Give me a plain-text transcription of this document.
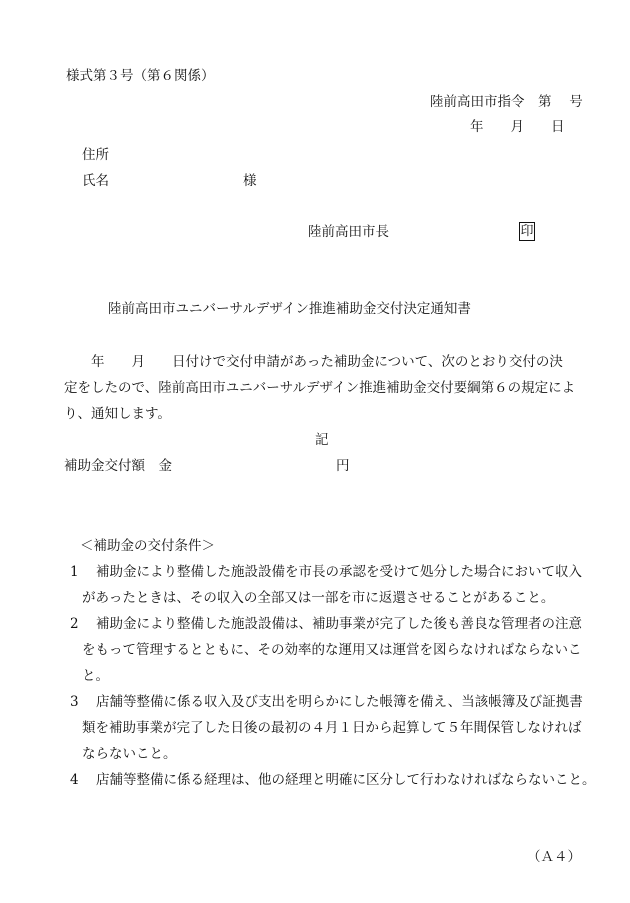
様式第３号（第６関係）
陸前高田市指令　第　 号
年　　月　　日
住所
氏名	様
陸前高田市長	印
陸前高田市ユニバーサルデザイン推進補助金交付決定通知書
　　年　　月　　日付けで交付申請があった補助金について、次のとおり交付の決
定をしたので、陸前高田市ユニバーサルデザイン推進補助金交付要綱第６の規定によ
り、通知します。
記
補助金交付額　金	円
＜補助金の交付条件＞
1 補助金により整備した施設設備を市長の承認を受けて処分した場合において収入
があったときは、その収入の全部又は一部を市に返還させることがあること。
2 補助金により整備した施設設備は、補助事業が完了した後も善良な管理者の注意
をもって管理するとともに、その効率的な運用又は運営を図らなければならないこ
と。
3 店舗等整備に係る収入及び支出を明らかにした帳簿を備え、当該帳簿及び証拠書
類を補助事業が完了した日後の最初の４月１日から起算して５年間保管しなければ
ならないこと。
4 店舗等整備に係る経理は、他の経理と明確に区分して行わなければならないこと。
（Ａ４）
